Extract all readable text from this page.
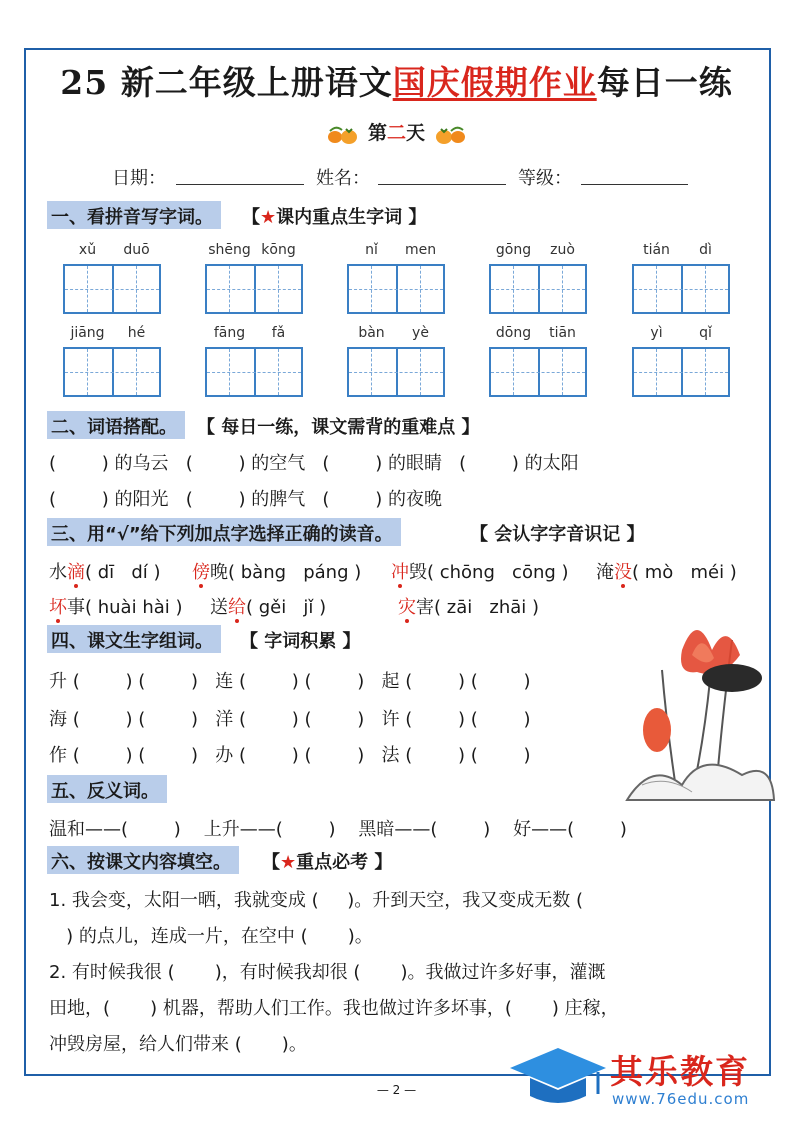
25 新二年级上册语文国庆假期作业每日一练
第二天
日期：	姓名：	等级：
一、看拼音写字词。	【★课内重点生字词 】
xǔ	duō	shēng kōng	nǐ	men	gōng	zuò	tián	dì
jiāng	hé	fāng	fǎ	bàn	yè	dōng	tiān	yì	qǐ
二、词语搭配。	【 每日一练，课文需背的重难点 】
(        ) 的乌云   (        ) 的空气   (        ) 的眼睛   (        ) 的太阳
(        ) 的阳光   (        ) 的脾气   (        ) 的夜晚
三、用“√”给下列加点字选择正确的读音。	【 会认字字音识记 】
水滴( dī   dí ) 傍晚( bàng   páng ) 冲毁( chōng   cōng ) 淹没( mò   méi )
坏事( huài hài ) 送给( gěi   jǐ )	灾害( zāi   zhāi )
四、课文生字组词。	【 字词积累 】
升 (        ) (        )   连 (        ) (        )   起 (        ) (        )
海 (        ) (        )   洋 (        ) (        )   许 (        ) (        )
作 (        ) (        )   办 (        ) (        )   法 (        ) (        )
五、反义词。
温和——(        )    上升——(        )    黑暗——(        )    好——(        )
六、按课文内容填空。	【★重点必考 】
1. 我会变，太阳一晒，我就变成 (     )。升到天空，我又变成无数 (
) 的点儿，连成一片，在空中 (       )。
2. 有时候我很 (       )，有时候我却很 (       )。我做过许多好事，灌溉
田地，(       ) 机器，帮助人们工作。我也做过许多坏事，(       ) 庄稼，
冲毁房屋，给人们带来 (       )。
其乐教育
www.76edu.com
— 2 —
